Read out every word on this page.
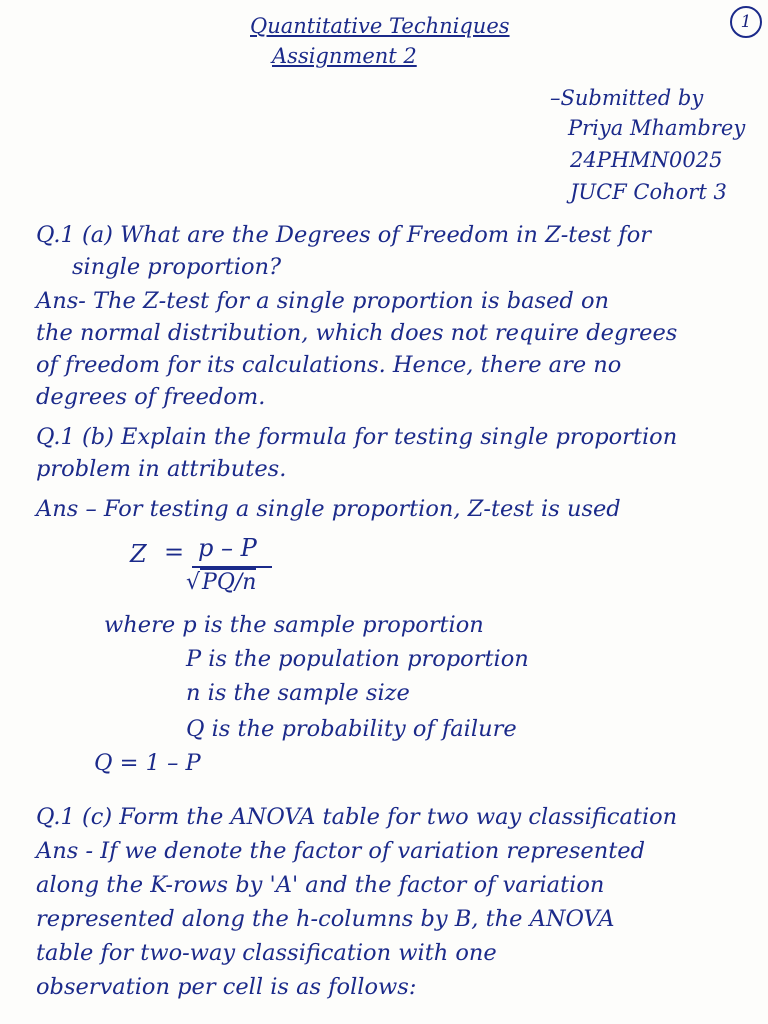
Quantitative Techniques
Assignment 2
1
–Submitted by
Priya Mhambrey
24PHMN0025
JUCF Cohort 3
Q.1 (a) What are the Degrees of Freedom in Z-test for
single proportion?
Ans- The Z-test for a single proportion is based on
the normal distribution, which does not require degrees
of freedom for its calculations. Hence, there are no
degrees of freedom.
Q.1 (b) Explain the formula for testing single proportion
problem in attributes.
Ans – For testing a single proportion, Z-test is used
Z = p – P
√PQ/n
where p is the sample proportion
P is the population proportion
n is the sample size
Q is the probability of failure
Q = 1 – P
Q.1 (c) Form the ANOVA table for two way classification
Ans - If we denote the factor of variation represented
along the K-rows by 'A' and the factor of variation
represented along the h-columns by B, the ANOVA
table for two-way classification with one
observation per cell is as follows:
